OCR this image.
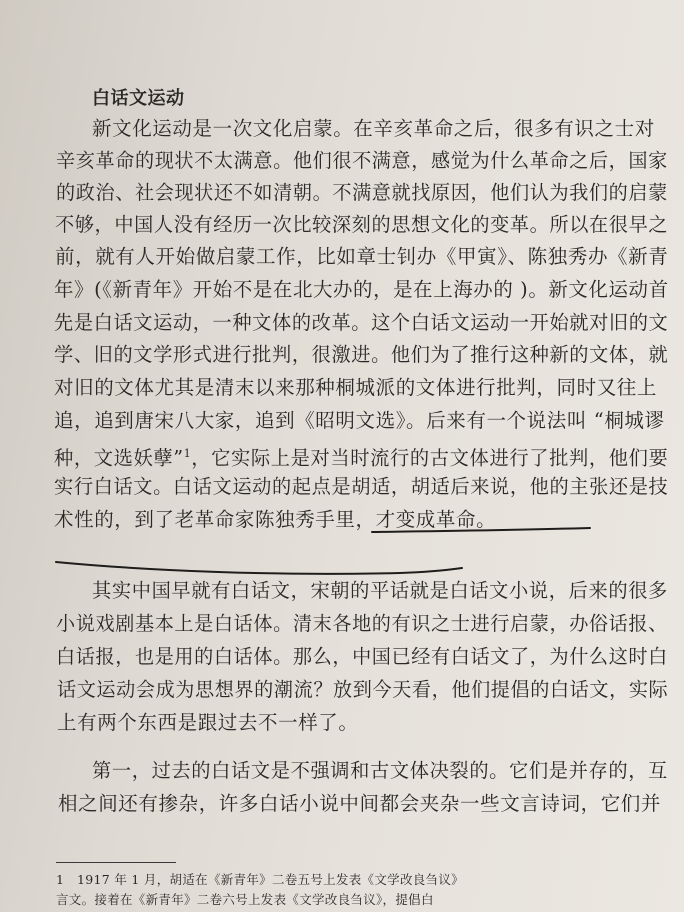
白话文运动
新文化运动是一次文化启蒙。在辛亥革命之后，很多有识之士对
辛亥革命的现状不太满意。他们很不满意，感觉为什么革命之后，国家
的政治、社会现状还不如清朝。不满意就找原因，他们认为我们的启蒙
不够，中国人没有经历一次比较深刻的思想文化的变革。所以在很早之
前，就有人开始做启蒙工作，比如章士钊办《甲寅》、陈独秀办《新青
年》(《新青年》开始不是在北大办的，是在上海办的 )。新文化运动首
先是白话文运动，一种文体的改革。这个白话文运动一开始就对旧的文
学、旧的文学形式进行批判，很激进。他们为了推行这种新的文体，就
对旧的文体尤其是清末以来那种桐城派的文体进行批判，同时又往上
追，追到唐宋八大家，追到《昭明文选》。后来有一个说法叫 “桐城谬
种，文选妖孽”$^1$，它实际上是对当时流行的古文体进行了批判，他们要
实行白话文。白话文运动的起点是胡适，胡适后来说，他的主张还是技
术性的，到了老革命家陈独秀手里，才变成革命。
其实中国早就有白话文，宋朝的平话就是白话文小说，后来的很多
小说戏剧基本上是白话体。清末各地的有识之士进行启蒙，办俗话报、
白话报，也是用的白话体。那么，中国已经有白话文了，为什么这时白
话文运动会成为思想界的潮流？放到今天看，他们提倡的白话文，实际
上有两个东西是跟过去不一样了。
第一，过去的白话文是不强调和古文体决裂的。它们是并存的，互
相之间还有掺杂，许多白话小说中间都会夹杂一些文言诗词，它们并
1　1917 年 1 月，胡适在《新青年》二卷五号上发表《文学改良刍议》
言文。接着在《新青年》二卷六号上发表《文学改良刍议》，提倡白
